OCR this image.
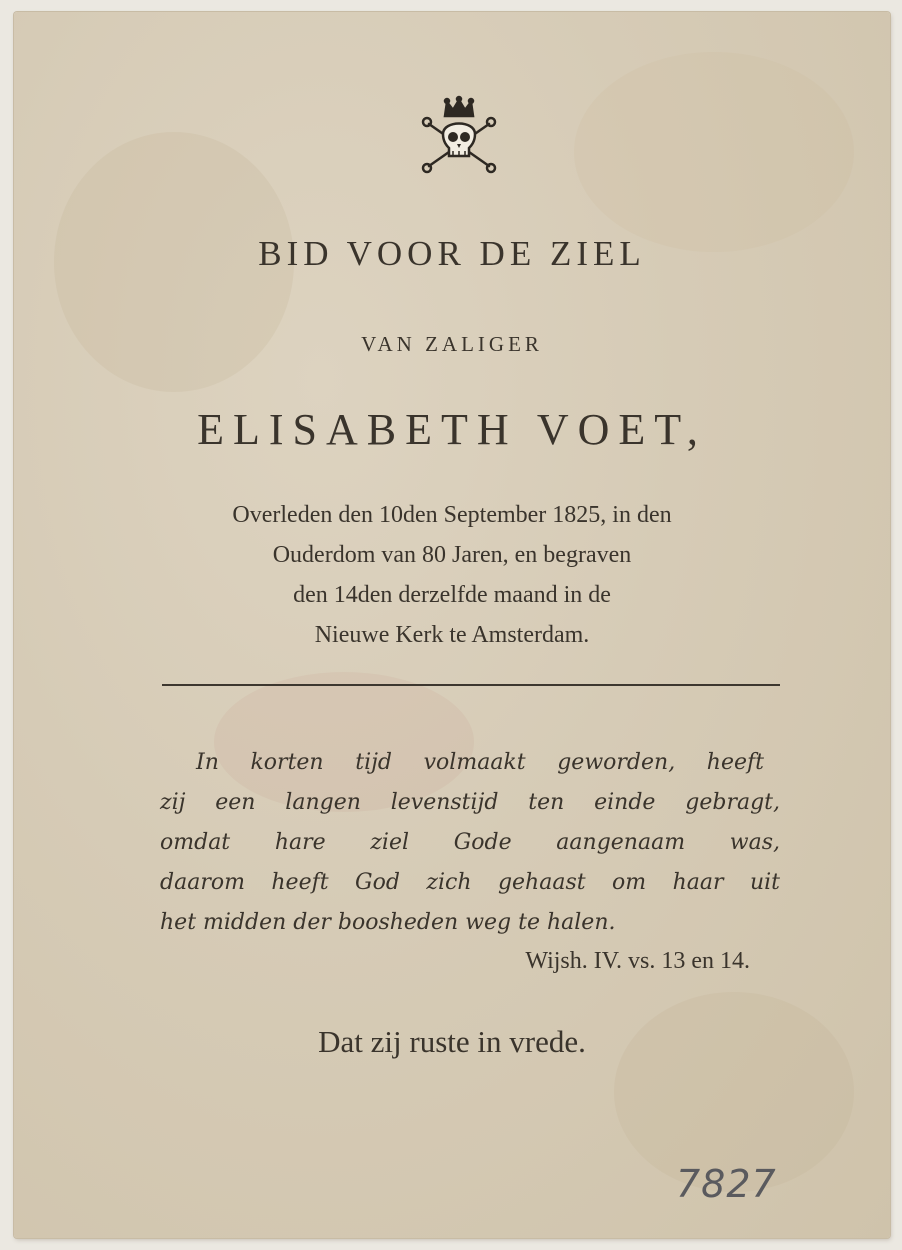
BID VOOR DE ZIEL
VAN ZALIGER
ELISABETH VOET,
Overleden den 10den September 1825, in den
Ouderdom van 80 Jaren, en begraven
den 14den derzelfde maand in de
Nieuwe Kerk te Amsterdam.
In korten tijd volmaakt geworden, heeft
zij een langen levenstijd ten einde gebragt,
omdat hare ziel Gode aangenaam was,
daarom heeft God zich gehaast om haar uit
het midden der boosheden weg te halen.
Wijsh. IV. vs. 13 en 14.
Dat zij ruste in vrede.
7827
